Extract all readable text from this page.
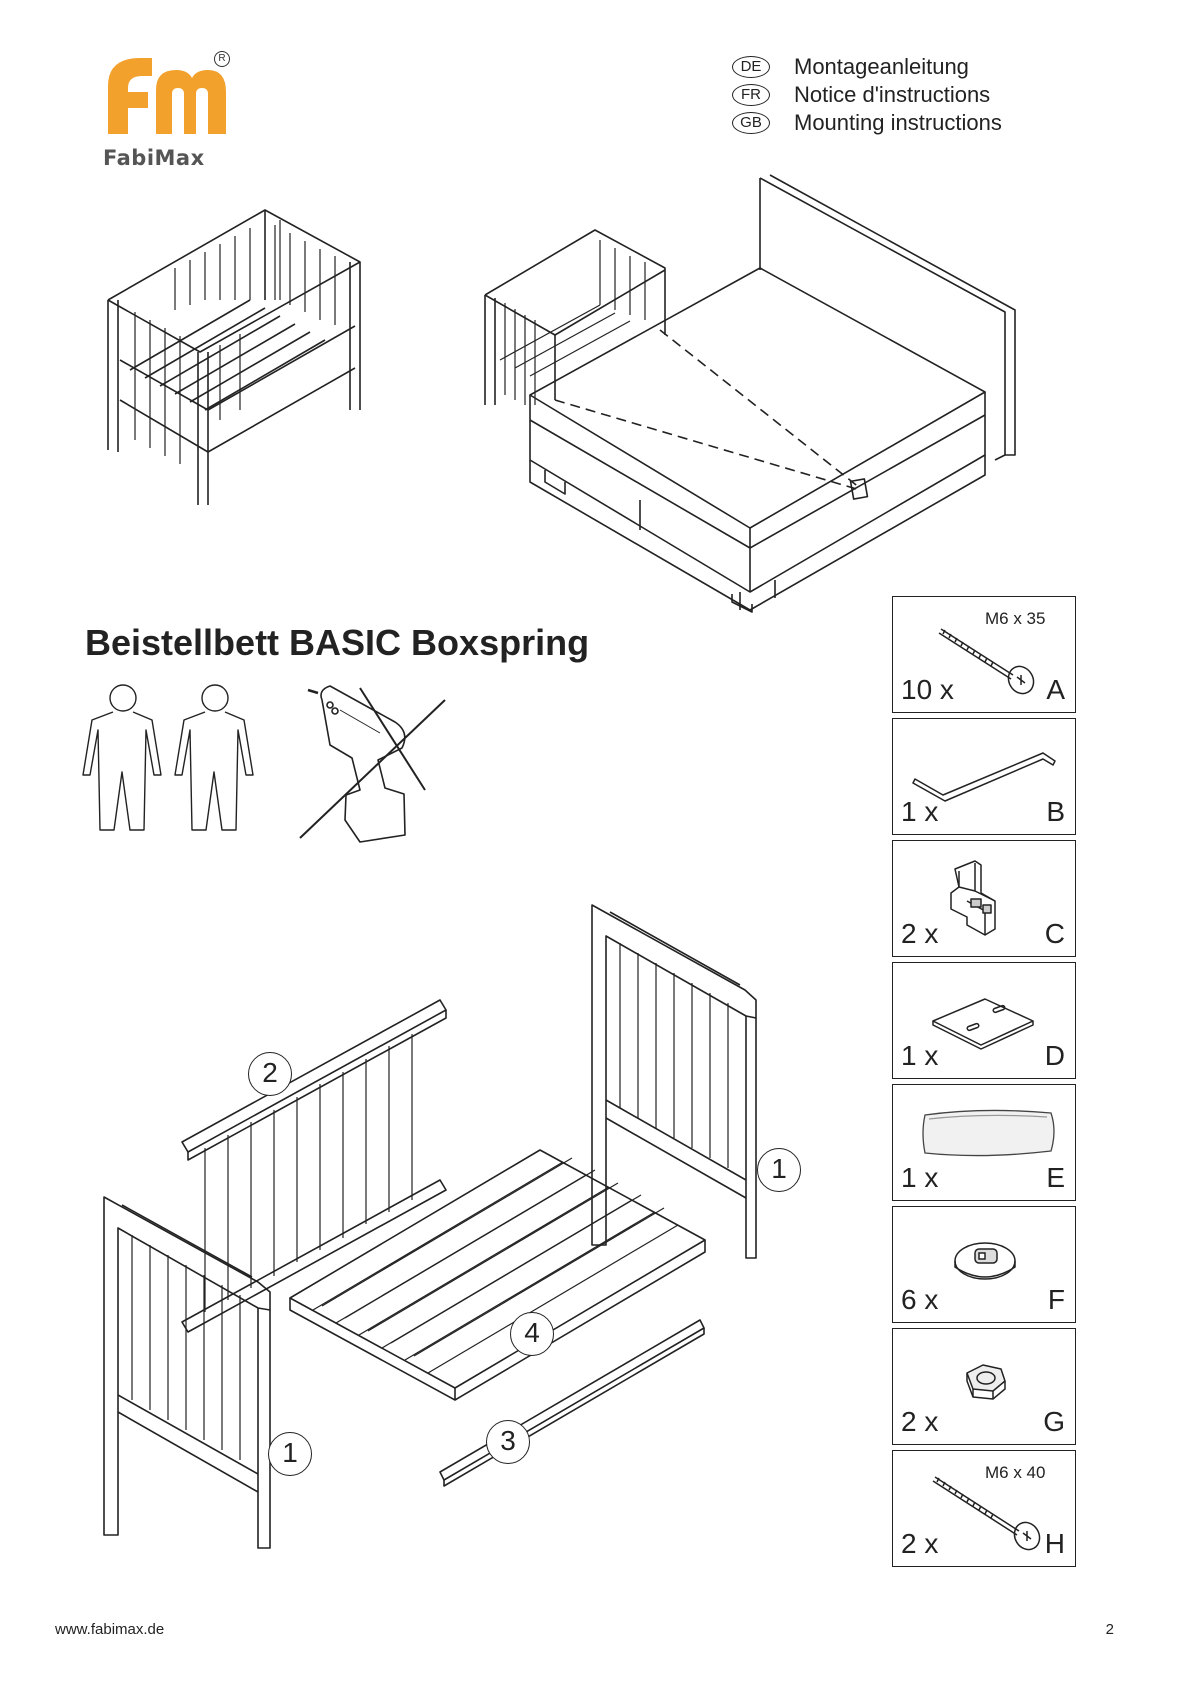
R
FabiMax
DE	Montageanleitung
FR	Notice d'instructions
GB	Mounting instructions
2
1
4
3
1
Beistellbett BASIC Boxspring
M6 x 35
10 x	A
1 x	B
2 x	C
1 x	D
1 x	E
6 x	F
2 x	G
M6 x 40
2 x	H
www.fabimax.de	2
